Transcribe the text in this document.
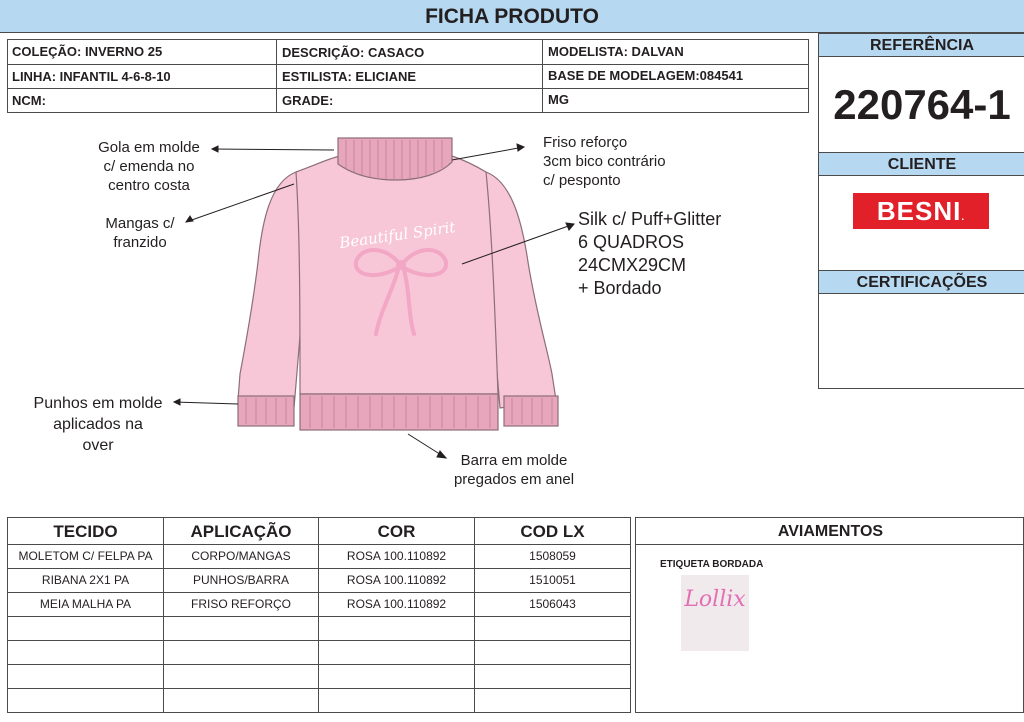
FICHA PRODUTO
COLEÇÃO: INVERNO 25	DESCRIÇÃO: CASACO	MODELISTA: DALVAN
LINHA: INFANTIL 4-6-8-10	ESTILISTA: ELICIANE	BASE DE MODELAGEM:084541
NCM:	GRADE:	MG
REFERÊNCIA
220764-1
CLIENTE
BESNI.
CERTIFICAÇÕES
Beautiful Spirit
Gola em molde
c/ emenda no
centro costa
Mangas c/
franzido
Friso reforço
3cm bico contrário
c/ pesponto
Silk c/ Puff+Glitter
6 QUADROS
24CMX29CM
+ Bordado
Punhos em molde
aplicados na
over
Barra em molde
pregados em anel
TECIDO	APLICAÇÃO	COR	COD LX
MOLETOM C/ FELPA PA	CORPO/MANGAS	ROSA 100.110892	1508059
RIBANA 2X1 PA	PUNHOS/BARRA	ROSA 100.110892	1510051
MEIA MALHA PA	FRISO REFORÇO	ROSA 100.110892	1506043
AVIAMENTOS
ETIQUETA BORDADA
Lollix
